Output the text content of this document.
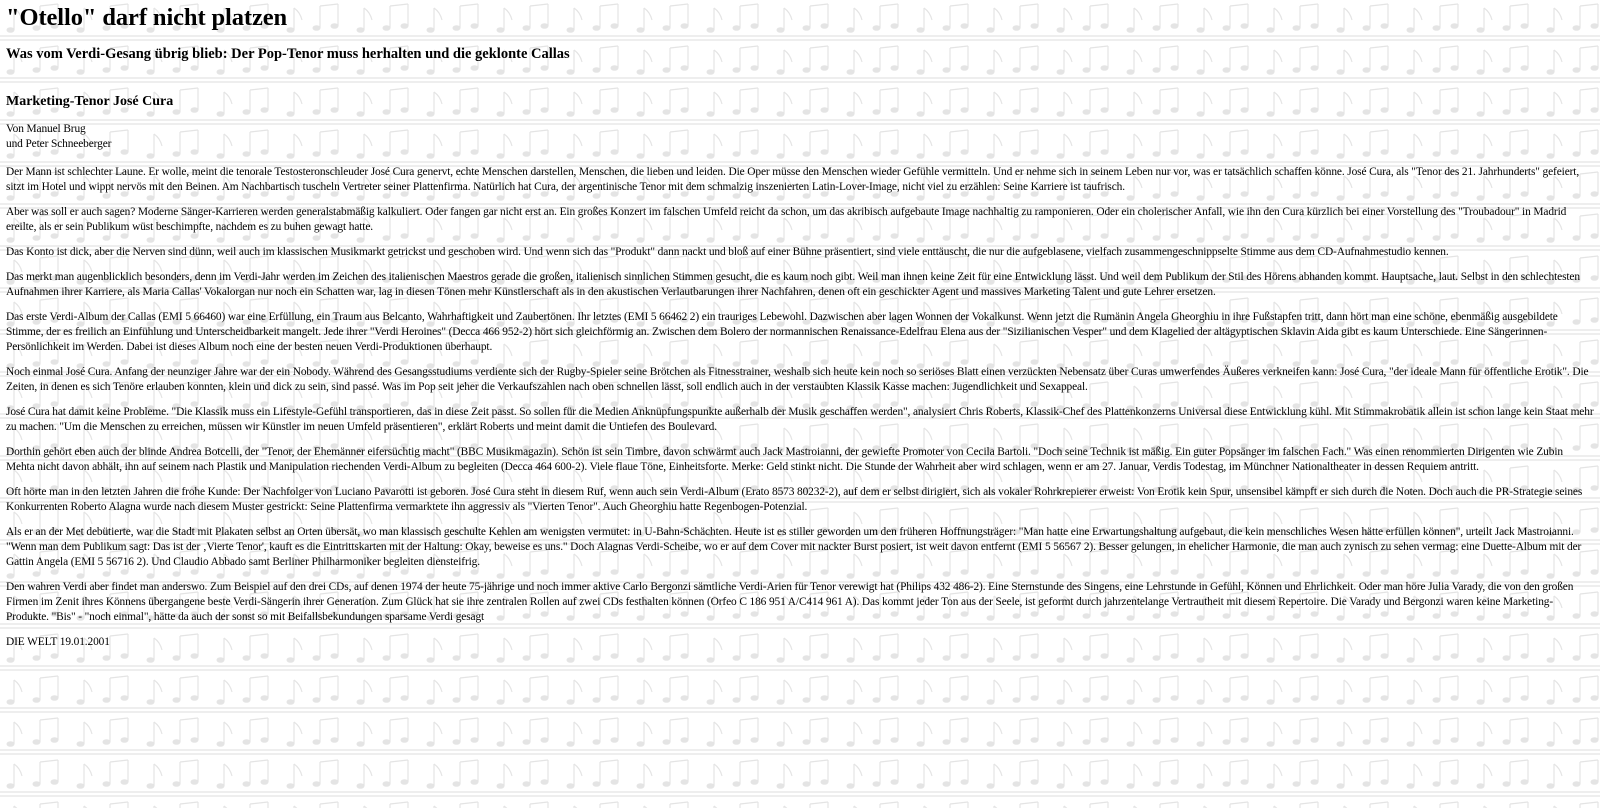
"Otello" darf nicht platzen
Was vom Verdi-Gesang übrig blieb: Der Pop-Tenor muss herhalten und die geklonte Callas
Marketing-Tenor José Cura

Von Manuel Brug
und Peter Schneeberger

Der Mann ist schlechter Laune. Er wolle, meint die tenorale Testosteronschleuder José Cura genervt, echte Menschen darstellen, Menschen, die lieben und leiden. Die Oper müsse den Menschen wieder Gefühle vermitteln. Und er nehme sich in seinem Leben nur vor, was er tatsächlich schaffen könne. José Cura, als "Tenor des 21. Jahrhunderts" gefeiert, sitzt im Hotel und wippt nervös mit den Beinen. Am Nachbartisch tuscheln Vertreter seiner Plattenfirma. Natürlich hat Cura, der argentinische Tenor mit dem schmalzig inszenierten Latin-Lover-Image, nicht viel zu erzählen: Seine Karriere ist taufrisch.

Aber was soll er auch sagen? Moderne Sänger-Karrieren werden generalstabmäßig kalkuliert. Oder fangen gar nicht erst an. Ein großes Konzert im falschen Umfeld reicht da schon, um das akribisch aufgebaute Image nachhaltig zu ramponieren. Oder ein cholerischer Anfall, wie ihn den Cura kürzlich bei einer Vorstellung des "Troubadour" in Madrid ereilte, als er sein Publikum wüst beschimpfte, nachdem es zu buhen gewagt hatte.

Das Konto ist dick, aber die Nerven sind dünn, weil auch im klassischen Musikmarkt getrickst und geschoben wird. Und wenn sich das "Produkt" dann nackt und bloß auf einer Bühne präsentiert, sind viele enttäuscht, die nur die aufgeblasene, vielfach zusammengeschnippselte Stimme aus dem CD-Aufnahmestudio kennen.

Das merkt man augenblicklich besonders, denn im Verdi-Jahr werden im Zeichen des italienischen Maestros gerade die großen, italienisch sinnlichen Stimmen gesucht, die es kaum noch gibt. Weil man ihnen keine Zeit für eine Entwicklung lässt. Und weil dem Publikum der Stil des Hörens abhanden kommt. Hauptsache, laut. Selbst in den schlechtesten Aufnahmen ihrer Karriere, als Maria Callas' Vokalorgan nur noch ein Schatten war, lag in diesen Tönen mehr Künstlerschaft als in den akustischen Verlautbarungen ihrer Nachfahren, denen oft ein geschickter Agent und massives Marketing Talent und gute Lehrer ersetzen.

Das erste Verdi-Album der Callas (EMI 5 66460) war eine Erfüllung, ein Traum aus Belcanto, Wahrhaftigkeit und Zaubertönen. Ihr letztes (EMI 5 66462 2) ein trauriges Lebewohl. Dazwischen aber lagen Wonnen der Vokalkunst. Wenn jetzt die Rumänin Angela Gheorghiu in ihre Fußstapfen tritt, dann hört man eine schöne, ebenmäßig ausgebildete Stimme, der es freilich an Einfühlung und Unterscheidbarkeit mangelt. Jede ihrer "Verdi Heroines" (Decca 466 952-2) hört sich gleichförmig an. Zwischen dem Bolero der normannischen Renaissance-Edelfrau Elena aus der "Sizilianischen Vesper" und dem Klagelied der altägyptischen Sklavin Aida gibt es kaum Unterschiede. Eine Sängerinnen-Persönlichkeit im Werden. Dabei ist dieses Album noch eine der besten neuen Verdi-Produktionen überhaupt.

Noch einmal José Cura. Anfang der neunziger Jahre war der ein Nobody. Während des Gesangsstudiums verdiente sich der Rugby-Spieler seine Brötchen als Fitnesstrainer, weshalb sich heute kein noch so seriöses Blatt einen verzückten Nebensatz über Curas umwerfendes Äußeres verkneifen kann: José Cura, "der ideale Mann für öffentliche Erotik". Die Zeiten, in denen es sich Tenöre erlauben konnten, klein und dick zu sein, sind passé. Was im Pop seit jeher die Verkaufszahlen nach oben schnellen lässt, soll endlich auch in der verstaubten Klassik Kasse machen: Jugendlichkeit und Sexappeal.

José Cura hat damit keine Probleme. "Die Klassik muss ein Lifestyle-Gefühl transportieren, das in diese Zeit passt. So sollen für die Medien Anknüpfungspunkte außerhalb der Musik geschaffen werden", analysiert Chris Roberts, Klassik-Chef des Plattenkonzerns Universal diese Entwicklung kühl. Mit Stimmakrobatik allein ist schon lange kein Staat mehr zu machen. "Um die Menschen zu erreichen, müssen wir Künstler im neuen Umfeld präsentieren", erklärt Roberts und meint damit die Untiefen des Boulevard.

Dorthin gehört eben auch der blinde Andrea Botcelli, der "Tenor, der Ehemänner eifersüchtig macht" (BBC Musikmagazin). Schön ist sein Timbre, davon schwärmt auch Jack Mastroianni, der gewiefte Promoter von Cecila Bartoli. "Doch seine Technik ist mäßig. Ein guter Popsänger im falschen Fach." Was einen renommierten Dirigenten wie Zubin Mehta nicht davon abhält, ihn auf seinem nach Plastik und Manipulation riechenden Verdi-Album zu begleiten (Decca 464 600-2). Viele flaue Töne, Einheitsforte. Merke: Geld stinkt nicht. Die Stunde der Wahrheit aber wird schlagen, wenn er am 27. Januar, Verdis Todestag, im Münchner Nationaltheater in dessen Requiem antritt.

Oft hörte man in den letzten Jahren die frohe Kunde: Der Nachfolger von Luciano Pavarotti ist geboren. José Cura steht in diesem Ruf, wenn auch sein Verdi-Album (Erato 8573 80232-2), auf dem er selbst dirigiert, sich als vokaler Rohrkrepierer erweist: Von Erotik kein Spur, unsensibel kämpft er sich durch die Noten. Doch auch die PR-Strategie seines Konkurrenten Roberto Alagna wurde nach diesem Muster gestrickt: Seine Plattenfirma vermarktete ihn aggressiv als "Vierten Tenor". Auch Gheorghiu hatte Regenbogen-Potenzial.

Als er an der Met debütierte, war die Stadt mit Plakaten selbst an Orten übersät, wo man klassisch geschulte Kehlen am wenigsten vermutet: in U-Bahn-Schächten. Heute ist es stiller geworden um den früheren Hoffnungsträger: "Man hatte eine Erwartungshaltung aufgebaut, die kein menschliches Wesen hätte erfüllen können", urteilt Jack Mastroianni. "Wenn man dem Publikum sagt: Das ist der ‚Vierte Tenor', kauft es die Eintrittskarten mit der Haltung: Okay, beweise es uns." Doch Alagnas Verdi-Scheibe, wo er auf dem Cover mit nackter Burst posiert, ist weit davon entfernt (EMI 5 56567 2). Besser gelungen, in ehelicher Harmonie, die man auch zynisch zu sehen vermag: eine Duette-Album mit der Gattin Angela (EMI 5 56716 2). Und Claudio Abbado samt Berliner Philharmoniker begleiten diensteifrig.

Den wahren Verdi aber findet man anderswo. Zum Beispiel auf den drei CDs, auf denen 1974 der heute 75-jährige und noch immer aktive Carlo Bergonzi sämtliche Verdi-Arien für Tenor verewigt hat (Philips 432 486-2). Eine Sternstunde des Singens, eine Lehrstunde in Gefühl, Können und Ehrlichkeit. Oder man höre Julia Varady, die von den großen Firmen im Zenit ihres Könnens übergangene beste Verdi-Sängerin ihrer Generation. Zum Glück hat sie ihre zentralen Rollen auf zwei CDs festhalten können (Orfeo C 186 951 A/C414 961 A). Das kommt jeder Ton aus der Seele, ist geformt durch jahrzentelange Vertrautheit mit diesem Repertoire. Die Varady und Bergonzi waren keine Marketing-Produkte. "Bis" - "noch einmal", hätte da auch der sonst so mit Beifallsbekundungen sparsame Verdi gesagt

DIE WELT 19.01.2001
